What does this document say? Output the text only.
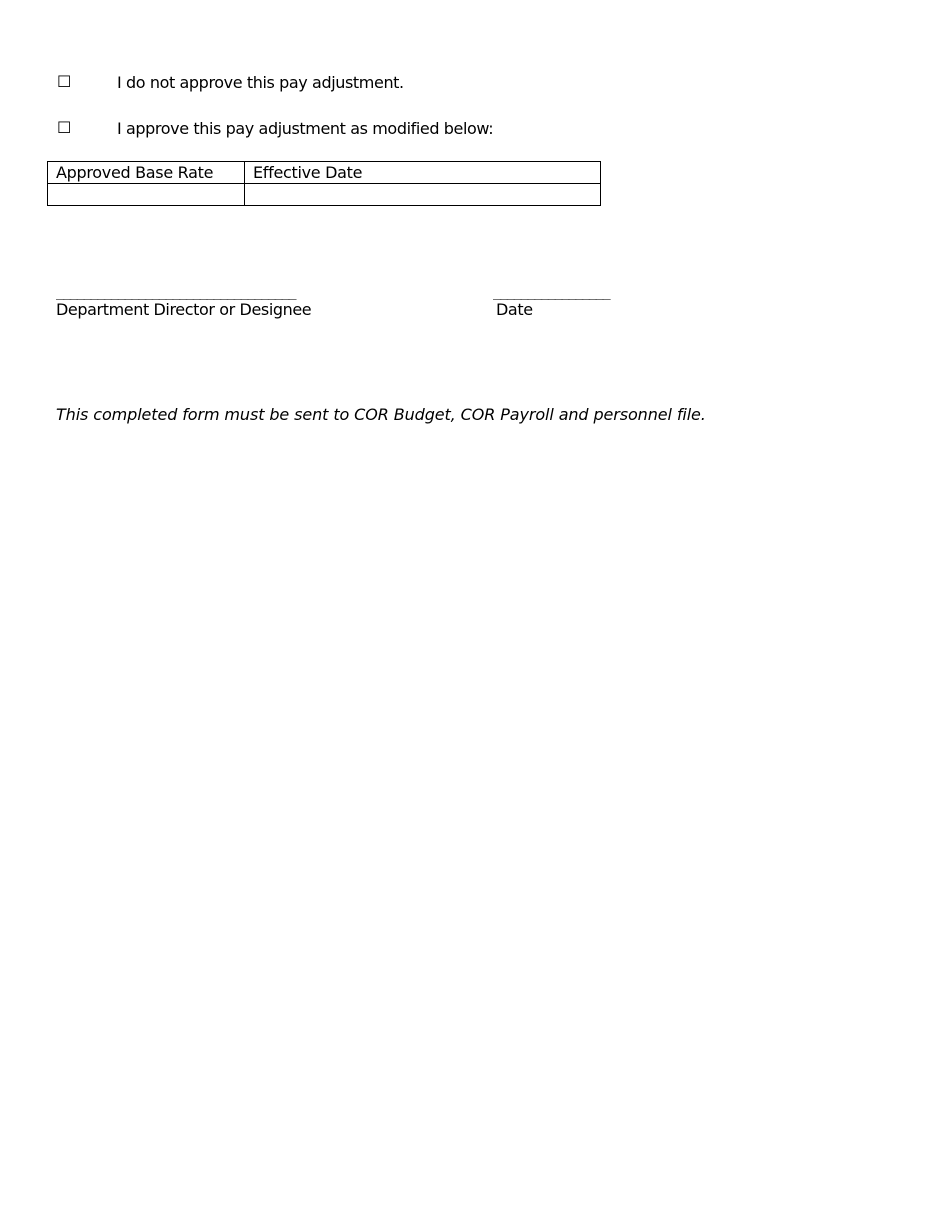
☐	I do not approve this pay adjustment.
☐	I approve this pay adjustment as modified below:
Approved Base Rate	Effective Date

___________________________________	_________________
Department Director or Designee	Date
This completed form must be sent to COR Budget, COR Payroll and personnel file.
